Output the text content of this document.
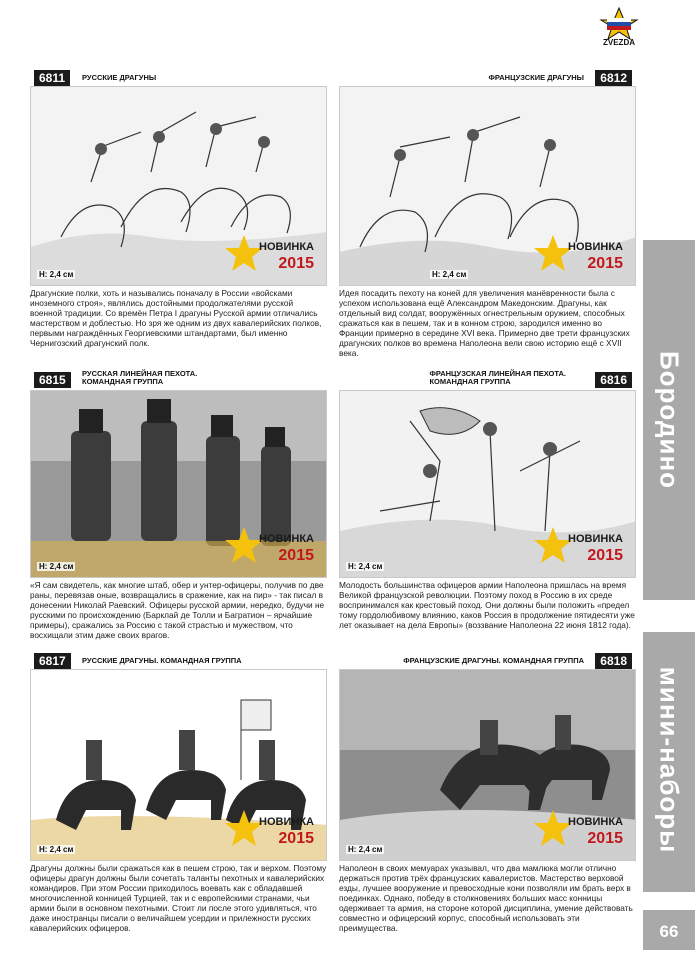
Бородино
мини-наборы
66
ZVEZDA
6811	РУССКИЕ ДРАГУНЫ
H: 2,4 см
НОВИНКА
2015
Драгунские полки, хоть и назывались поначалу в России «войсками иноземного строя», являлись достойными продолжателями русской военной традиции. Со времён Петра I драгуны Русской армии отличались мастерством и доблестью. Но зря же одним из двух кавалерийских полков, первыми награждённых Георгиевскими штандартами, был именно Чернигозский драгунский полк.
ФРАНЦУЗСКИЕ ДРАГУНЫ	6812
H: 2,4 см
НОВИНКА
2015
Идея посадить пехоту на коней для увеличения манёвренности была с успехом использована ещё Александром Македонским. Драгуны, как отдельный вид солдат, вооружённых огнестрельным оружием, способных сражаться как в пешем, так и в конном строю, зародился именно во Франции примерно в середине XVI века. Примерно две трети французских драгунских полков во времена Наполеона вели свою историю ещё с XVII века.
6815	РУССКАЯ ЛИНЕЙНАЯ ПЕХОТА.
КОМАНДНАЯ ГРУППА
H: 2,4 см
НОВИНКА
2015
«Я сам свидетель, как многие штаб, обер и унтер-офицеры, получив по две раны, перевязав оные, возвращались в сражение, как на пир» - так писал в донесении Николай Раевский. Офицеры русской армии, нередко, будучи не русскими по происхождению (Барклай де Толли и Багратион – ярчайшие примеры), сражались за Россию с такой страстью и мужеством, что восхищали этим даже своих врагов.
ФРАНЦУЗСКАЯ ЛИНЕЙНАЯ ПЕХОТА.
КОМАНДНАЯ ГРУППА	6816
H: 2,4 см
НОВИНКА
2015
Молодость большинства офицеров армии Наполеона пришлась на время Великой французской революции. Поэтому поход в Россию в их среде воспринимался как крестовый поход. Они должны были положить «предел тому гордолюбивому влиянию, каков Россия в продолжение пятидесяти уже лет оказывает на дела Европы» (воззвание Наполеона 22 июня 1812 года).
6817	РУССКИЕ ДРАГУНЫ. КОМАНДНАЯ ГРУППА
H: 2,4 см
НОВИНКА
2015
Драгуны должны были сражаться как в пешем строю, так и верхом. Поэтому офицеры драгун должны были сочетать таланты пехотных и кавалерийских командиров. При этом России приходилось воевать как с обладавшей многочисленной конницей Турцией, так и с европейскими странами, чьи армии были в основном пехотными. Стоит ли после этого удивляться, что даже иностранцы писали о величайшем усердии и прилежности русских кавалерийских офицеров.
ФРАНЦУЗСКИЕ ДРАГУНЫ. КОМАНДНАЯ ГРУППА	6818
H: 2,4 см
НОВИНКА
2015
Наполеон в своих мемуарах указывал, что два мамлюка могли отлично держаться против трёх французских кавалеристов. Мастерство верховой езды, лучшее вооружение и превосходные кони позволяли им брать верх в поединках. Однако, победу в столкновениях больших масс конницы одерживает та армия, на стороне которой дисциплина, умение действовать совместно и офицерский корпус, способный использовать эти преимущества.
